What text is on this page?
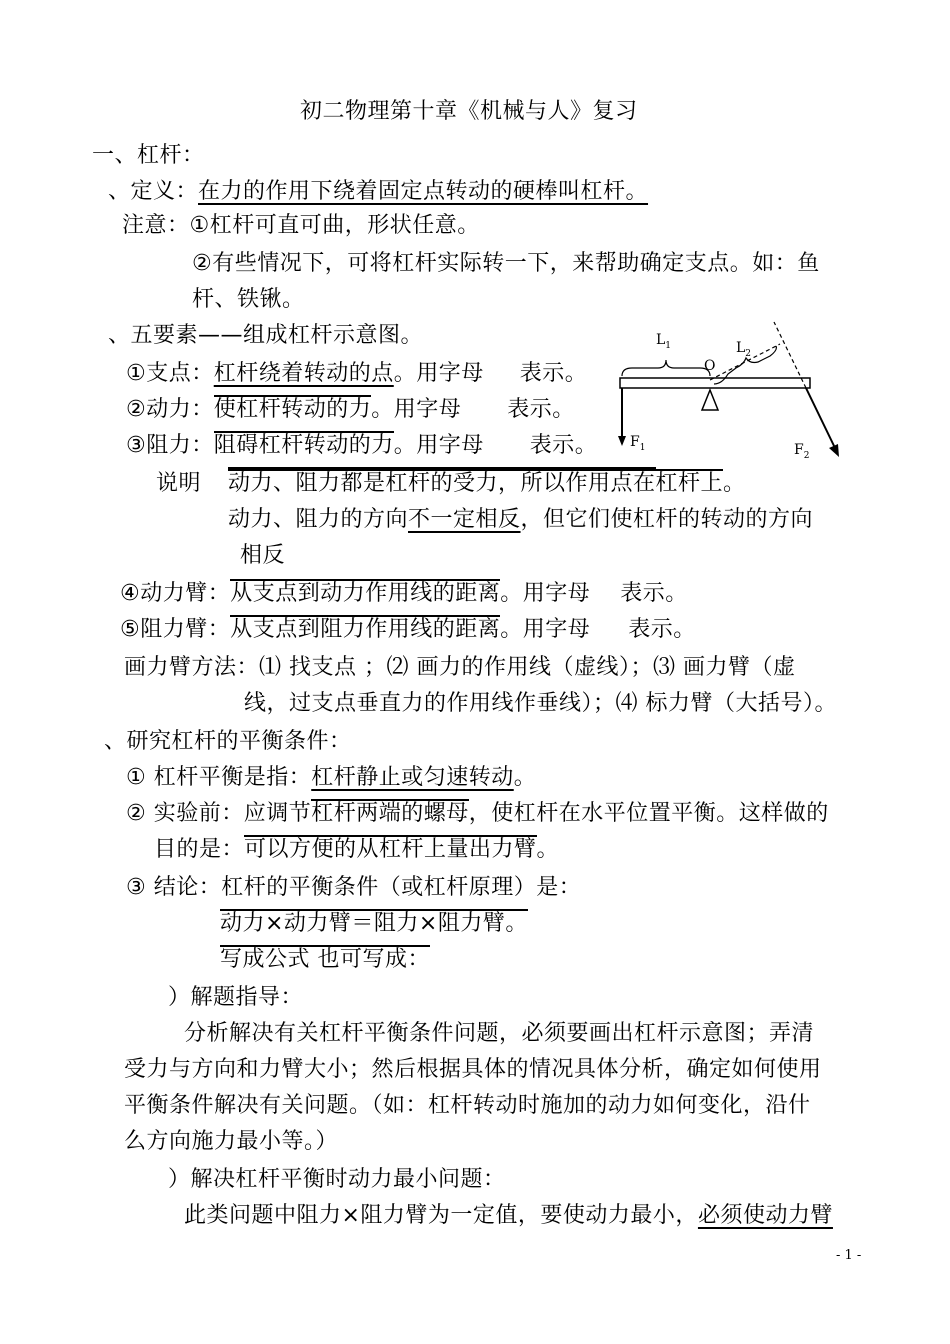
初二物理第十章《机械与人》复习
一、杠杆：
、定义：在力的作用下绕着固定点转动的硬棒叫杠杆。
注意：①杠杆可直可曲，形状任意。
②有些情况下，可将杠杆实际转一下，来帮助确定支点。如：鱼
杆、铁锹。
、五要素——组成杠杆示意图。
①支点：杠杆绕着转动的点。用字母 表示。
②动力：使杠杆转动的力。用字母 表示。
③阻力：阻碍杠杆转动的力。用字母 表示。
说明 动力、阻力都是杠杆的受力，所以作用点在杠杆上。
动力、阻力的方向不一定相反，但它们使杠杆的转动的方向
相反
④动力臂：从支点到动力作用线的距离。用字母 表示。
⑤阻力臂：从支点到阻力作用线的距离。用字母 表示。
画力臂方法：⑴ 找支点 ；⑵ 画力的作用线（虚线）；⑶ 画力臂（虚
线，过支点垂直力的作用线作垂线）；⑷ 标力臂（大括号）。
、研究杠杆的平衡条件：
① 杠杆平衡是指：杠杆静止或匀速转动。
② 实验前：应调节杠杆两端的螺母，使杠杆在水平位置平衡。这样做的
目的是：可以方便的从杠杆上量出力臂。
③ 结论：杠杆的平衡条件（或杠杆原理）是：
动力×动力臂＝阻力×阻力臂。
写成公式 也可写成：
）解题指导：
分析解决有关杠杆平衡条件问题，必须要画出杠杆示意图；弄清
受力与方向和力臂大小；然后根据具体的情况具体分析，确定如何使用
平衡条件解决有关问题。（如：杠杆转动时施加的动力如何变化，沿什
么方向施力最小等。）
）解决杠杆平衡时动力最小问题：
此类问题中阻力×阻力臂为一定值，要使动力最小，必须使动力臂
- 1 -
$L_1$	$L_2$
O
$F_1$	$F_2$
